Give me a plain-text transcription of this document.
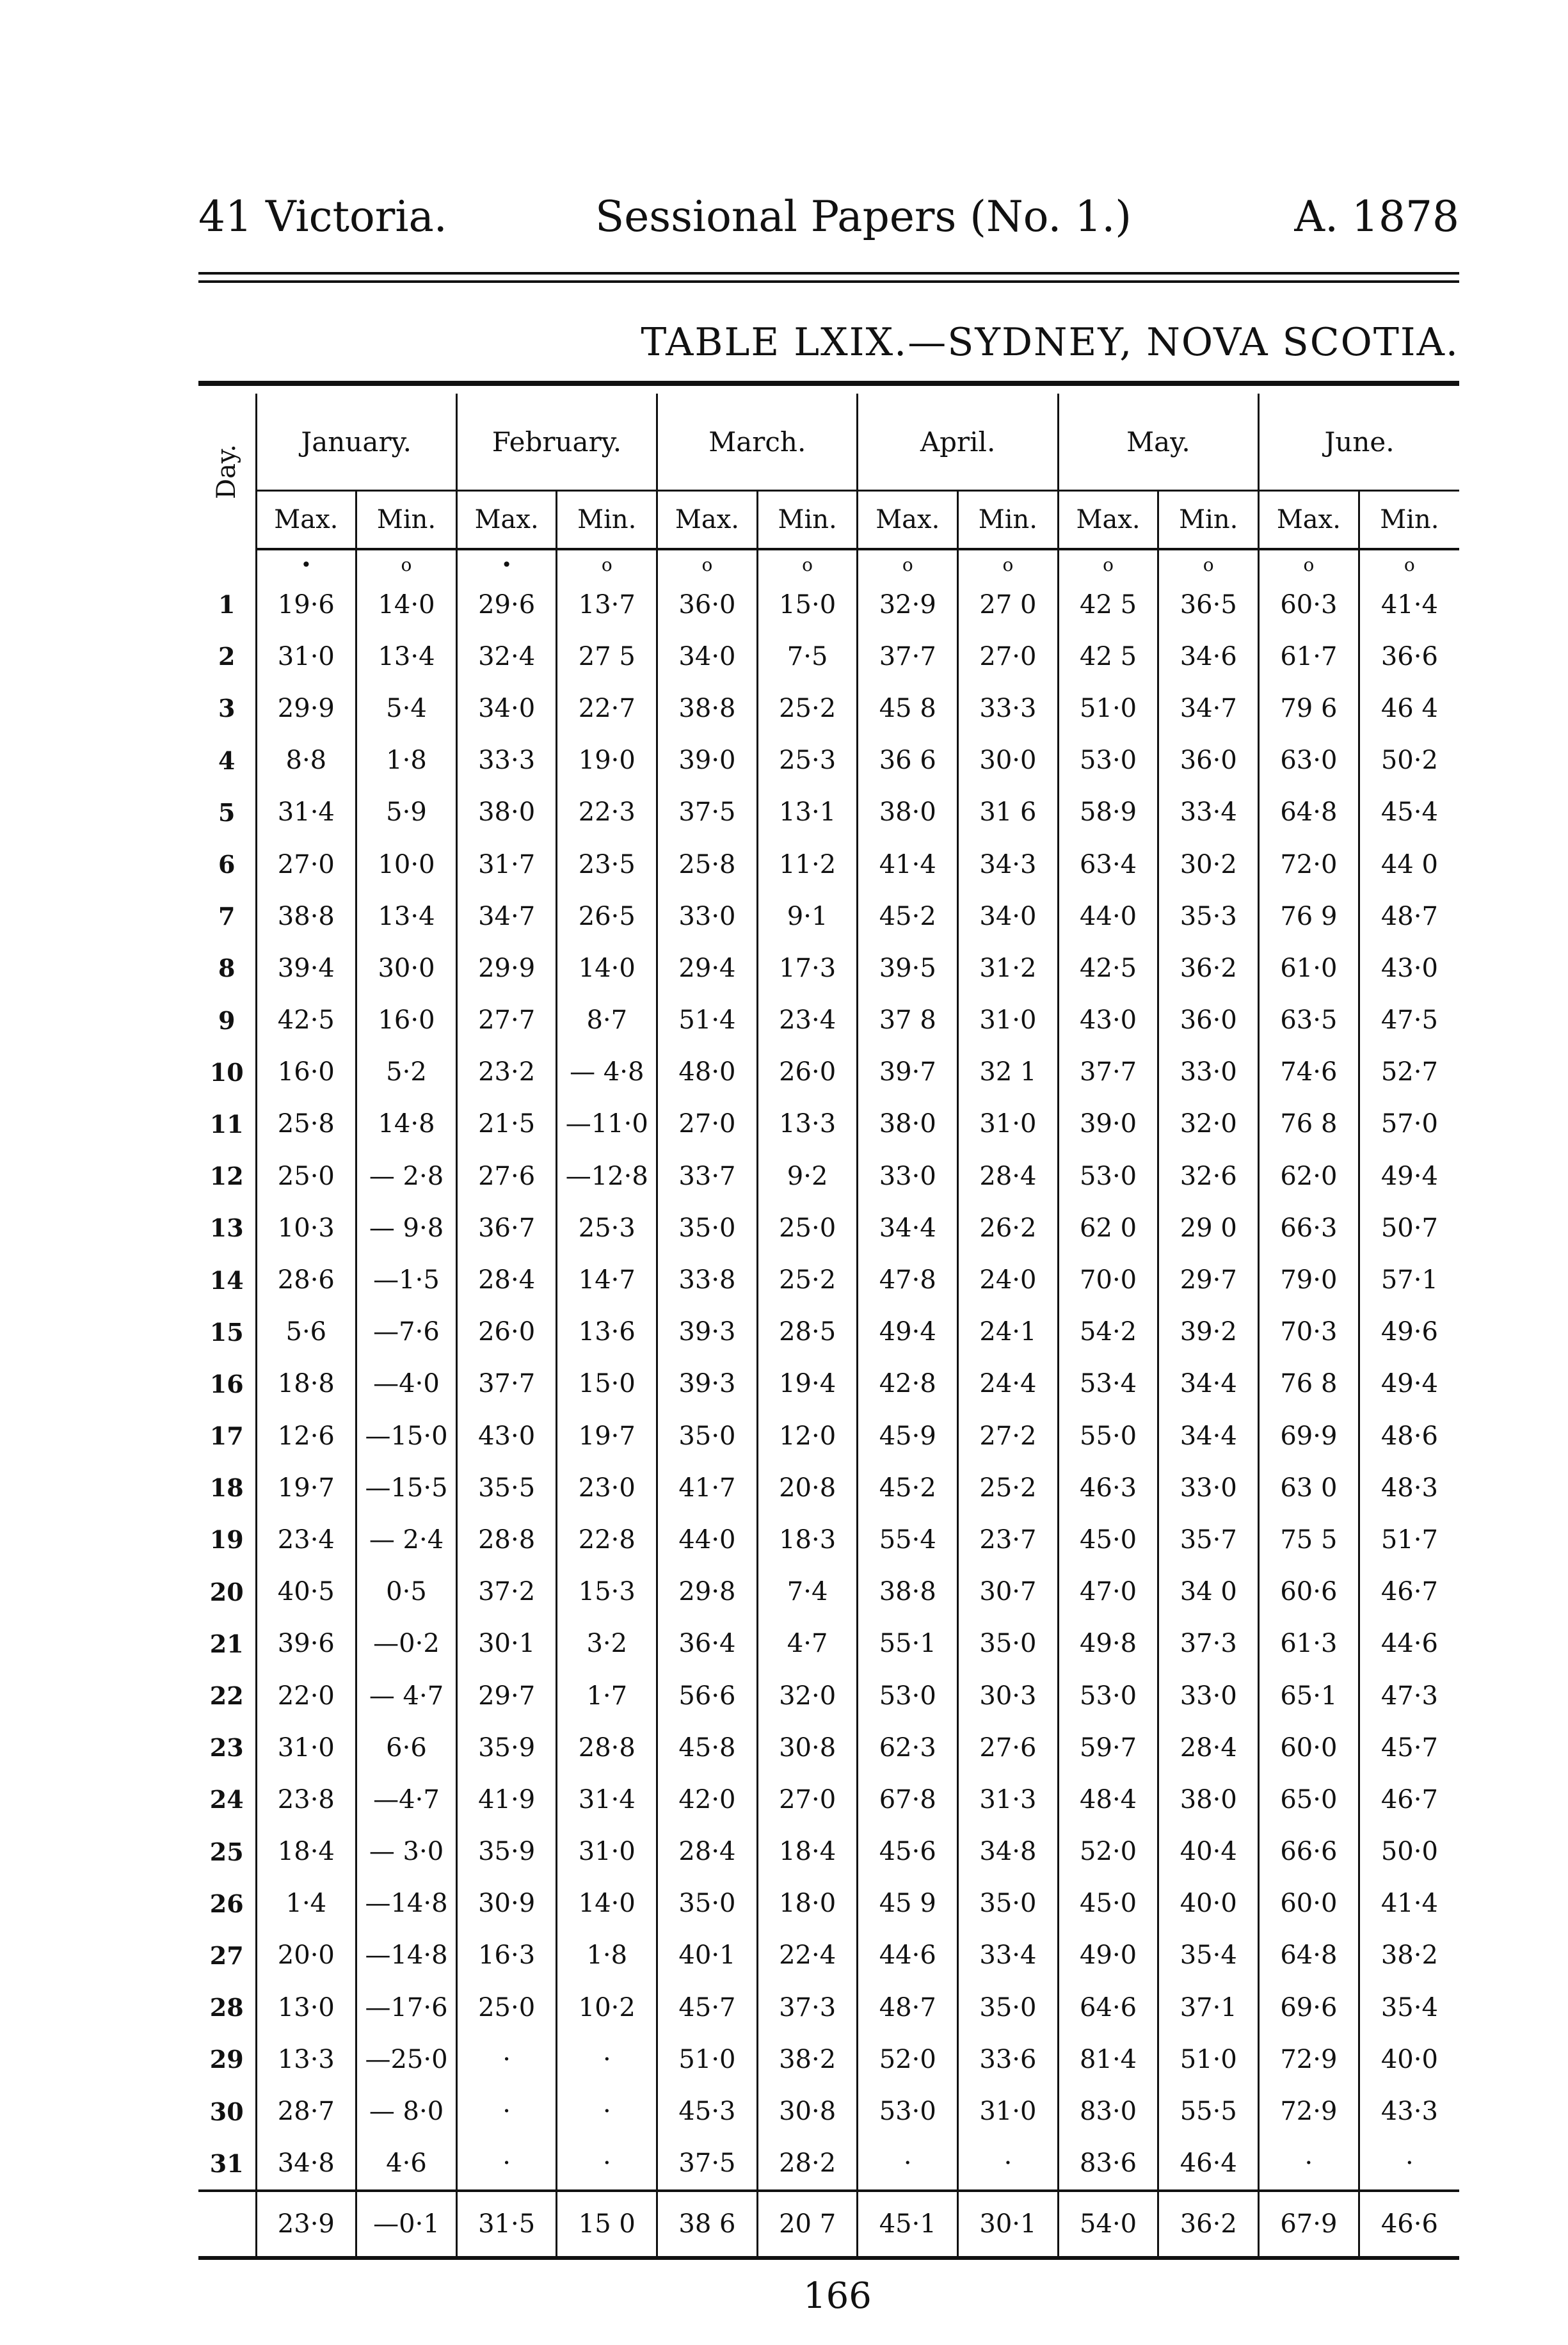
41 Victoria.	Sessional Papers (No. 1.)	A. 1878
TABLE LXIX.—SYDNEY, NOVA SCOTIA.
Day.	January.		February.		March.		April.		May.		June.	
	Max.	Min.	Max.	Min.	Max.	Min.	Max.	Min.	Max.	Min.	Max.	Min.
	•	o	•	o	o	o	o	o	o	o	o	o
1	19·6	14·0	29·6	13·7	36·0	15·0	32·9	27 0	42 5	36·5	60·3	41·4
2	31·0	13·4	32·4	27 5	34·0	7·5	37·7	27·0	42 5	34·6	61·7	36·6
3	29·9	5·4	34·0	22·7	38·8	25·2	45 8	33·3	51·0	34·7	79 6	46 4
4	8·8	1·8	33·3	19·0	39·0	25·3	36 6	30·0	53·0	36·0	63·0	50·2
5	31·4	5·9	38·0	22·3	37·5	13·1	38·0	31 6	58·9	33·4	64·8	45·4
6	27·0	10·0	31·7	23·5	25·8	11·2	41·4	34·3	63·4	30·2	72·0	44 0
7	38·8	13·4	34·7	26·5	33·0	9·1	45·2	34·0	44·0	35·3	76 9	48·7
8	39·4	30·0	29·9	14·0	29·4	17·3	39·5	31·2	42·5	36·2	61·0	43·0
9	42·5	16·0	27·7	8·7	51·4	23·4	37 8	31·0	43·0	36·0	63·5	47·5
10	16·0	5·2	23·2	— 4·8	48·0	26·0	39·7	32 1	37·7	33·0	74·6	52·7
11	25·8	14·8	21·5	—11·0	27·0	13·3	38·0	31·0	39·0	32·0	76 8	57·0
12	25·0	— 2·8	27·6	—12·8	33·7	9·2	33·0	28·4	53·0	32·6	62·0	49·4
13	10·3	— 9·8	36·7	25·3	35·0	25·0	34·4	26·2	62 0	29 0	66·3	50·7
14	28·6	—1·5	28·4	14·7	33·8	25·2	47·8	24·0	70·0	29·7	79·0	57·1
15	5·6	—7·6	26·0	13·6	39·3	28·5	49·4	24·1	54·2	39·2	70·3	49·6
16	18·8	—4·0	37·7	15·0	39·3	19·4	42·8	24·4	53·4	34·4	76 8	49·4
17	12·6	—15·0	43·0	19·7	35·0	12·0	45·9	27·2	55·0	34·4	69·9	48·6
18	19·7	—15·5	35·5	23·0	41·7	20·8	45·2	25·2	46·3	33·0	63 0	48·3
19	23·4	— 2·4	28·8	22·8	44·0	18·3	55·4	23·7	45·0	35·7	75 5	51·7
20	40·5	0·5	37·2	15·3	29·8	7·4	38·8	30·7	47·0	34 0	60·6	46·7
21	39·6	—0·2	30·1	3·2	36·4	4·7	55·1	35·0	49·8	37·3	61·3	44·6
22	22·0	— 4·7	29·7	1·7	56·6	32·0	53·0	30·3	53·0	33·0	65·1	47·3
23	31·0	6·6	35·9	28·8	45·8	30·8	62·3	27·6	59·7	28·4	60·0	45·7
24	23·8	—4·7	41·9	31·4	42·0	27·0	67·8	31·3	48·4	38·0	65·0	46·7
25	18·4	— 3·0	35·9	31·0	28·4	18·4	45·6	34·8	52·0	40·4	66·6	50·0
26	1·4	—14·8	30·9	14·0	35·0	18·0	45 9	35·0	45·0	40·0	60·0	41·4
27	20·0	—14·8	16·3	1·8	40·1	22·4	44·6	33·4	49·0	35·4	64·8	38·2
28	13·0	—17·6	25·0	10·2	45·7	37·3	48·7	35·0	64·6	37·1	69·6	35·4
29	13·3	—25·0	·	·	51·0	38·2	52·0	33·6	81·4	51·0	72·9	40·0
30	28·7	— 8·0	·	·	45·3	30·8	53·0	31·0	83·0	55·5	72·9	43·3
31	34·8	4·6	·	·	37·5	28·2	·	·	83·6	46·4	·	·
	23·9	—0·1	31·5	15 0	38 6	20 7	45·1	30·1	54·0	36·2	67·9	46·6
166
